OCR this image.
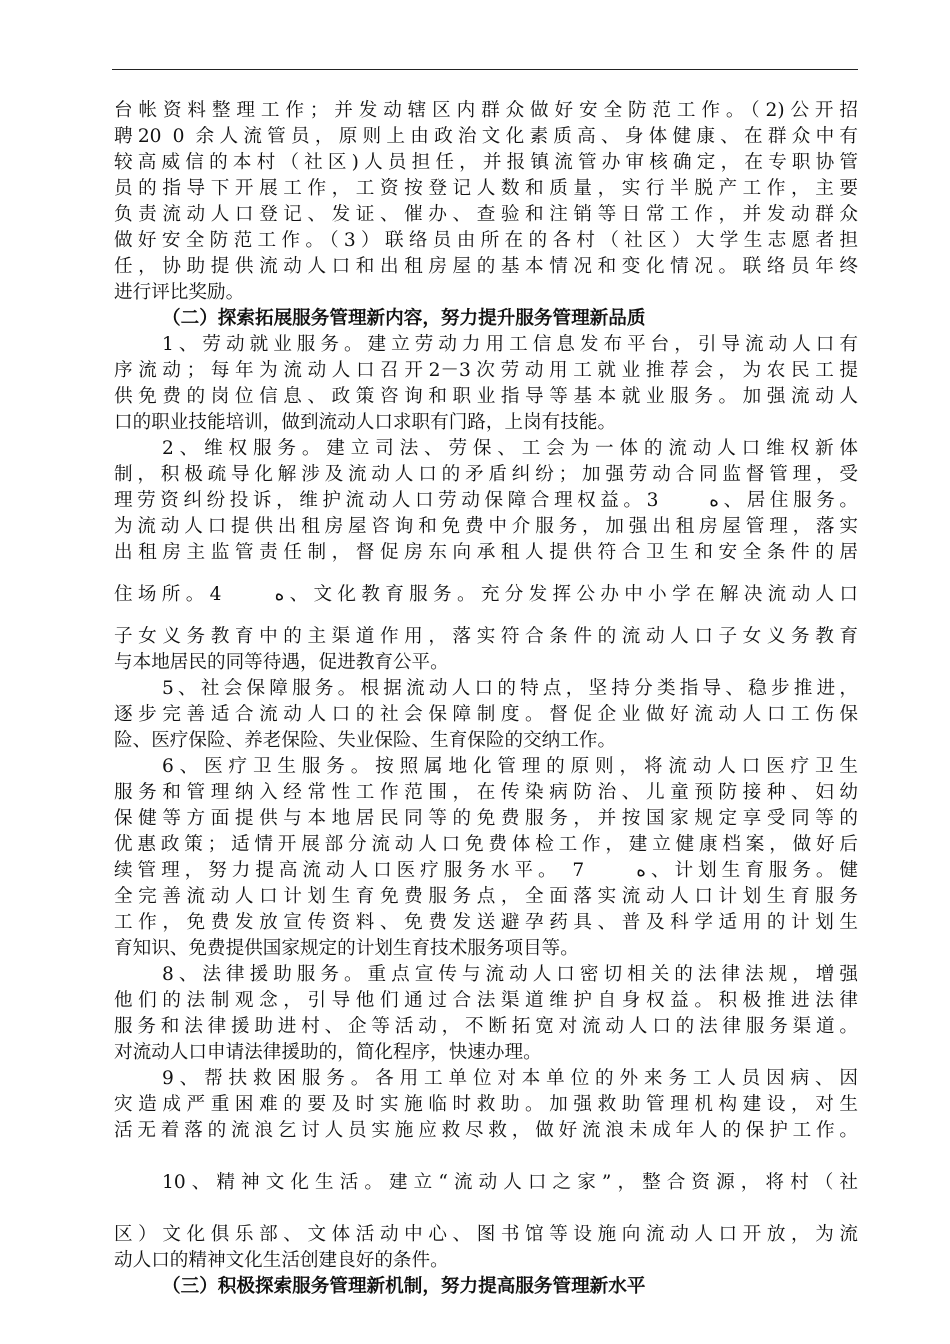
台帐资料整理工作；并发动辖区内群众做好安全防范工作。（2)公开招
聘20 0 余人流管员，原则上由政治文化素质高、身体健康、在群众中有
较高威信的本村（社区)人员担任，并报镇流管办审核确定，在专职协管
员的指导下开展工作，工资按登记人数和质量，实行半脱产工作，主要
负责流动人口登记、发证、催办、查验和注销等日常工作，并发动群众
做好安全防范工作。（3）联络员由所在的各村（社区）大学生志愿者担
任，协助提供流动人口和出租房屋的基本情况和变化情况。联络员年终
进行评比奖励。
（二）探索拓展服务管理新内容，努力提升服务管理新品质
1、劳动就业服务。建立劳动力用工信息发布平台，引导流动人口有
序流动；每年为流动人口召开2－3次劳动用工就业推荐会，为农民工提
供免费的岗位信息、政策咨询和职业指导等基本就业服务。加强流动人
口的职业技能培训，做到流动人口求职有门路，上岗有技能。
2、维权服务。建立司法、劳保、工会为一体的流动人口维权新体
制，积极疏导化解涉及流动人口的矛盾纠纷；加强劳动合同监督管理，受
理劳资纠纷投诉，维护流动人口劳动保障合理权益。3　　ه、居住服务。
为流动人口提供出租房屋咨询和免费中介服务，加强出租房屋管理，落实
出租房主监管责任制，督促房东向承租人提供符合卫生和安全条件的居
住场所。4　　ه、文化教育服务。充分发挥公办中小学在解决流动人口
子女义务教育中的主渠道作用，落实符合条件的流动人口子女义务教育
与本地居民的同等待遇，促进教育公平。
5、社会保障服务。根据流动人口的特点，坚持分类指导、稳步推进，
逐步完善适合流动人口的社会保障制度。督促企业做好流动人口工伤保
险、医疗保险、养老保险、失业保险、生育保险的交纳工作。
6、医疗卫生服务。按照属地化管理的原则，将流动人口医疗卫生
服务和管理纳入经常性工作范围，在传染病防治、儿童预防接种、妇幼
保健等方面提供与本地居民同等的免费服务，并按国家规定享受同等的
优惠政策；适情开展部分流动人口免费体检工作，建立健康档案，做好后
续管理，努力提高流动人口医疗服务水平。 7　　ه、计划生育服务。健
全完善流动人口计划生育免费服务点，全面落实流动人口计划生育服务
工作，免费发放宣传资料、免费发送避孕药具、普及科学适用的计划生
育知识、免费提供国家规定的计划生育技术服务项目等。
8、法律援助服务。重点宣传与流动人口密切相关的法律法规，增强
他们的法制观念，引导他们通过合法渠道维护自身权益。积极推进法律
服务和法律援助进村、企等活动，不断拓宽对流动人口的法律服务渠道。
对流动人口申请法律援助的，简化程序，快速办理。
9、帮扶救困服务。各用工单位对本单位的外来务工人员因病、因
灾造成严重困难的要及时实施临时救助。加强救助管理机构建设，对生
活无着落的流浪乞讨人员实施应救尽救，做好流浪未成年人的保护工作。
10、精神文化生活。建立“流动人口之家”，整合资源，将村（社
区）文化俱乐部、文体活动中心、图书馆等设施向流动人口开放，为流
动人口的精神文化生活创建良好的条件。
（三）积极探索服务管理新机制，努力提高服务管理新水平
